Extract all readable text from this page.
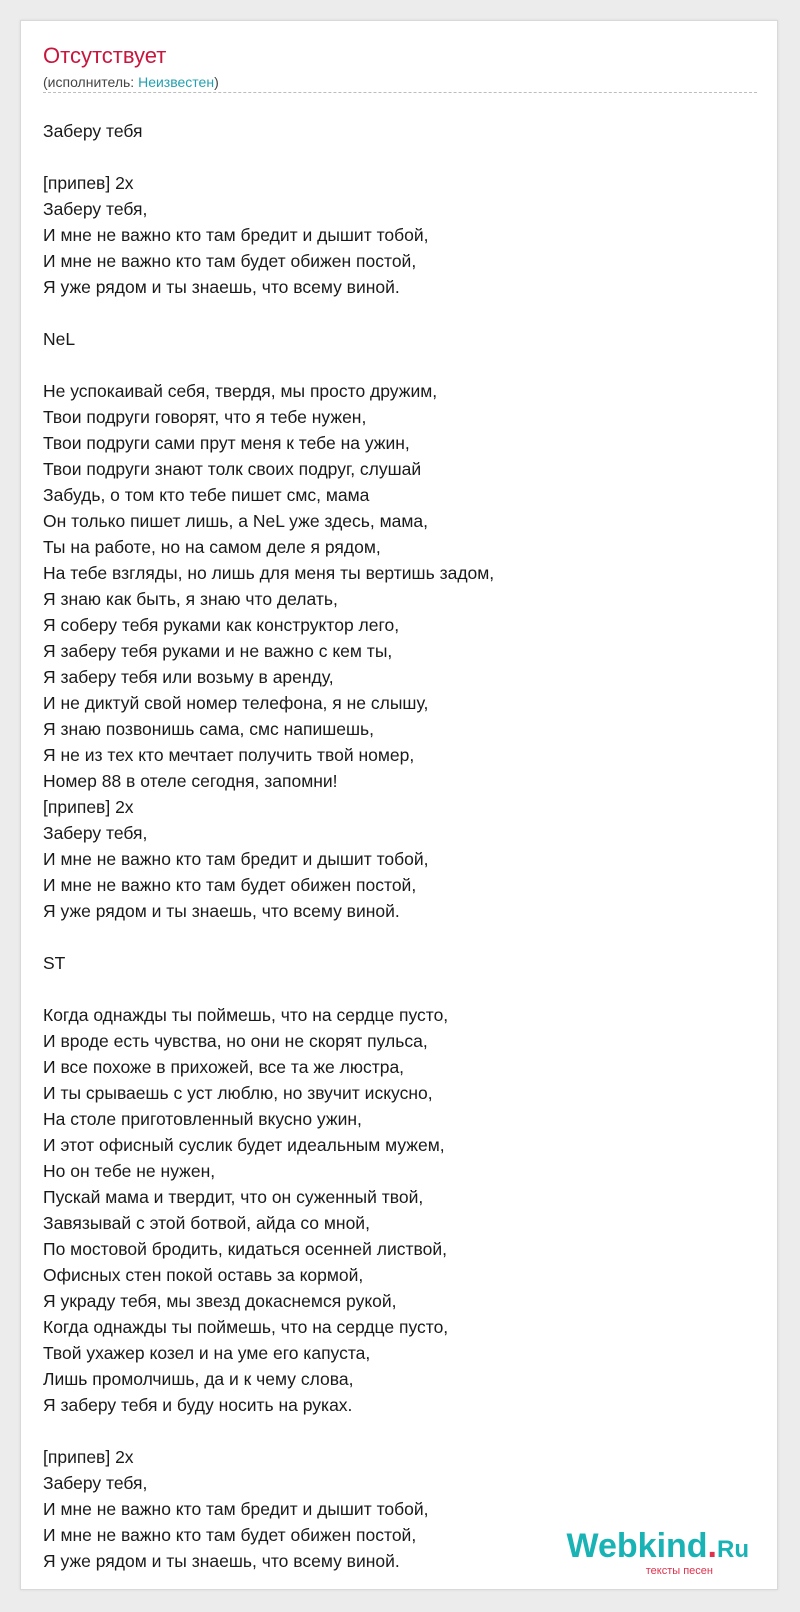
Отсутствует
(исполнитель: Неизвестен)
Заберу тебя
[припев] 2x
Заберу тебя,
И мне не важно кто там бредит и дышит тобой,
И мне не важно кто там будет обижен постой,
Я уже рядом и ты знаешь, что всему виной.
NeL
Не успокаивай себя, твердя, мы просто дружим,
Твои подруги говорят, что я тебе нужен,
Твои подруги сами прут меня к тебе на ужин,
Твои подруги знают толк своих подруг, слушай
Забудь, о том кто тебе пишет смс, мама
Он только пишет лишь, а NeL уже здесь, мама,
Ты на работе, но на самом деле я рядом,
На тебе взгляды, но лишь для меня ты вертишь задом,
Я знаю как быть, я знаю что делать,
Я соберу тебя руками как конструктор лего,
Я заберу тебя руками и не важно с кем ты,
Я заберу тебя или возьму в аренду,
И не диктуй свой номер телефона, я не слышу,
Я знаю позвонишь сама, смс напишешь,
Я не из тех кто мечтает получить твой номер,
Номер 88 в отеле сегодня, запомни!
[припев] 2x
Заберу тебя,
И мне не важно кто там бредит и дышит тобой,
И мне не важно кто там будет обижен постой,
Я уже рядом и ты знаешь, что всему виной.
ST
Когда однажды ты поймешь, что на сердце пусто,
И вроде есть чувства, но они не скорят пульса,
И все похоже в прихожей, все та же люстра,
И ты срываешь с уст люблю, но звучит искусно,
На столе приготовленный вкусно ужин,
И этот офисный суслик будет идеальным мужем,
Но он тебе не нужен,
Пускай мама и твердит, что он суженный твой,
Завязывай с этой ботвой, айда со мной,
По мостовой бродить, кидаться осенней листвой,
Офисных стен покой оставь за кормой,
Я украду тебя, мы звезд докаснемся рукой,
Когда однажды ты поймешь, что на сердце пусто,
Твой ухажер козел и на уме его капуста,
Лишь промолчишь, да и к чему слова,
Я заберу тебя и буду носить на руках.
[припев] 2x
Заберу тебя,
И мне не важно кто там бредит и дышит тобой,
И мне не важно кто там будет обижен постой,
Я уже рядом и ты знаешь, что всему виной.	Webkind.Ru
тексты песен
